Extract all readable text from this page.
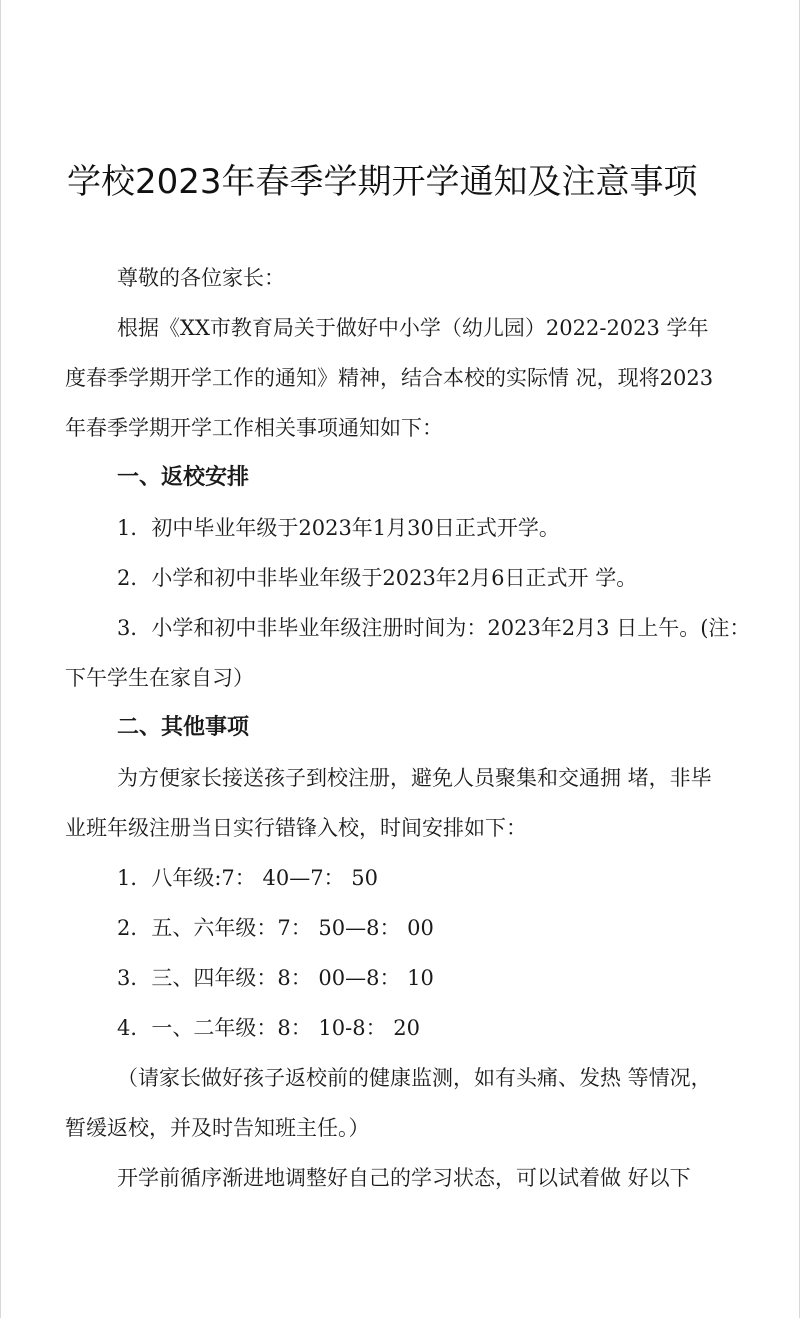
学校2023年春季学期开学通知及注意事项

尊敬的各位家长：

根据《XX市教育局关于做好中小学（幼儿园）2022-2023 学年

度春季学期开学工作的通知》精神，结合本校的实际情 况，现将2023

年春季学期开学工作相关事项通知如下：

一、返校安排

1．初中毕业年级于2023年1月30日正式开学。

2．小学和初中非毕业年级于2023年2月6日正式开 学。

3．小学和初中非毕业年级注册时间为：2023年2月3 日上午。(注：

下午学生在家自习）

二、其他事项

为方便家长接送孩子到校注册，避免人员聚集和交通拥 堵，非毕

业班年级注册当日实行错锋入校，时间安排如下：

1．八年级:7： 40—7： 50

2．五、六年级：7： 50—8： 00

3．三、四年级：8： 00—8： 10

4．一、二年级：8： 10-8： 20

（请家长做好孩子返校前的健康监测，如有头痛、发热 等情况，

暂缓返校，并及时告知班主任。）

开学前循序渐进地调整好自己的学习状态，可以试着做 好以下
